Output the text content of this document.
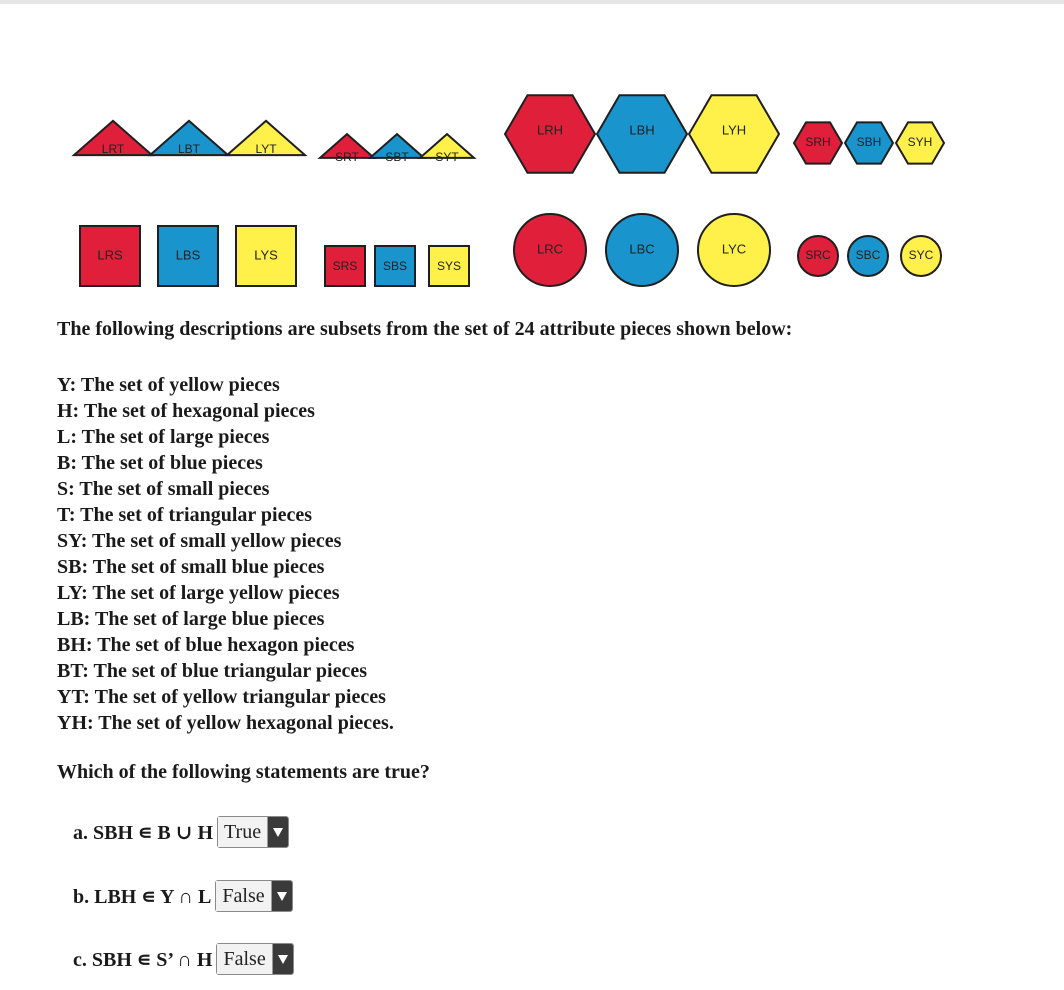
LRT	LBT	LYT
SRT SBT SYT
LRH	LBH	LYH
SRH SBH SYH
LRS	LBS	LYS
SRS SBS SYS
LRC	LBC	LYC	SRC SBC SYC
The following descriptions are subsets from the set of 24 attribute pieces shown below:
Y: The set of yellow pieces
H: The set of hexagonal pieces
L: The set of large pieces
B: The set of blue pieces
S: The set of small pieces
T: The set of triangular pieces
SY: The set of small yellow pieces
SB: The set of small blue pieces
LY: The set of large yellow pieces
LB: The set of large blue pieces
BH: The set of blue hexagon pieces
BT: The set of blue triangular pieces
YT: The set of yellow triangular pieces
YH: The set of yellow hexagonal pieces.
Which of the following statements are true?
a. SBH ∊ B ∪ H True
b. LBH ∊ Y ∩ L False
c. SBH ∊ S’ ∩ H False
